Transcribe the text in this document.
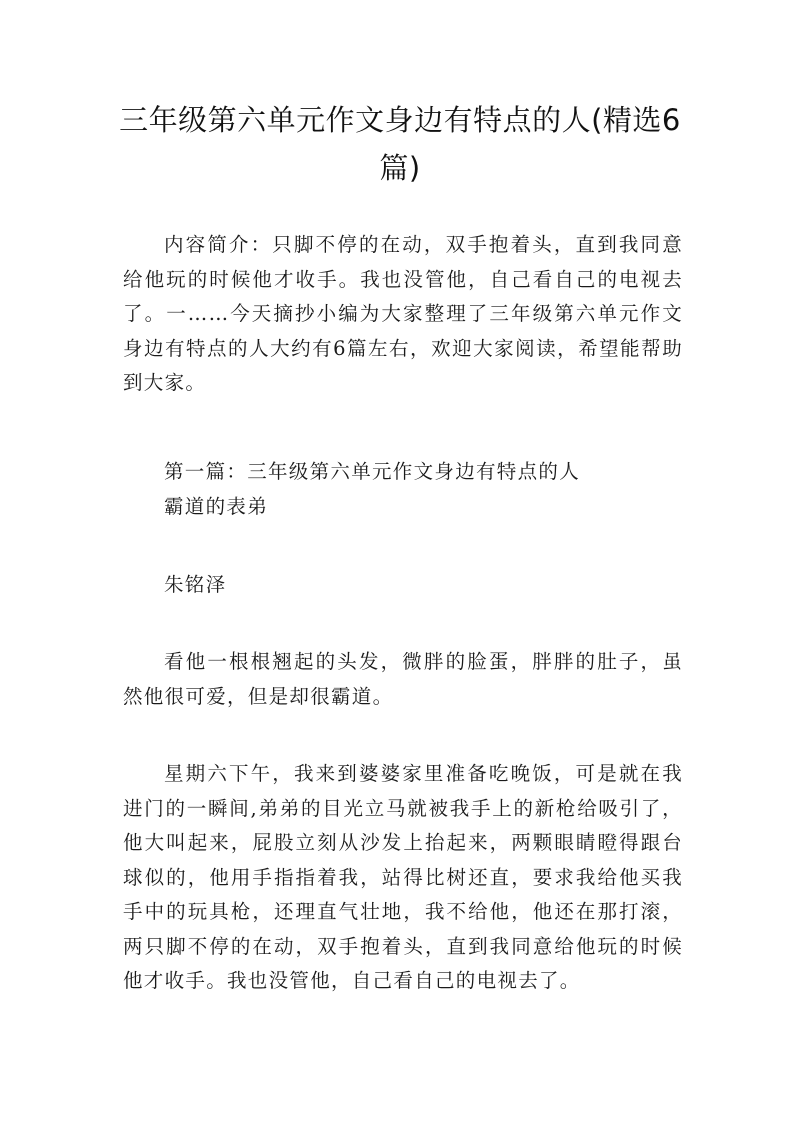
三年级第六单元作文身边有特点的人(精选6篇)

内容简介：只脚不停的在动，双手抱着头，直到我同意给他玩的时候他才收手。我也没管他，自己看自己的电视去了。一……今天摘抄小编为大家整理了三年级第六单元作文身边有特点的人大约有6篇左右，欢迎大家阅读，希望能帮助到大家。

第一篇：三年级第六单元作文身边有特点的人

霸道的表弟

朱铭泽

看他一根根翘起的头发，微胖的脸蛋，胖胖的肚子，虽然他很可爱，但是却很霸道。

星期六下午，我来到婆婆家里准备吃晚饭，可是就在我进门的一瞬间,弟弟的目光立马就被我手上的新枪给吸引了，他大叫起来，屁股立刻从沙发上抬起来，两颗眼睛瞪得跟台球似的，他用手指指着我，站得比树还直，要求我给他买我手中的玩具枪，还理直气壮地，我不给他，他还在那打滚，两只脚不停的在动，双手抱着头，直到我同意给他玩的时候他才收手。我也没管他，自己看自己的电视去了。
